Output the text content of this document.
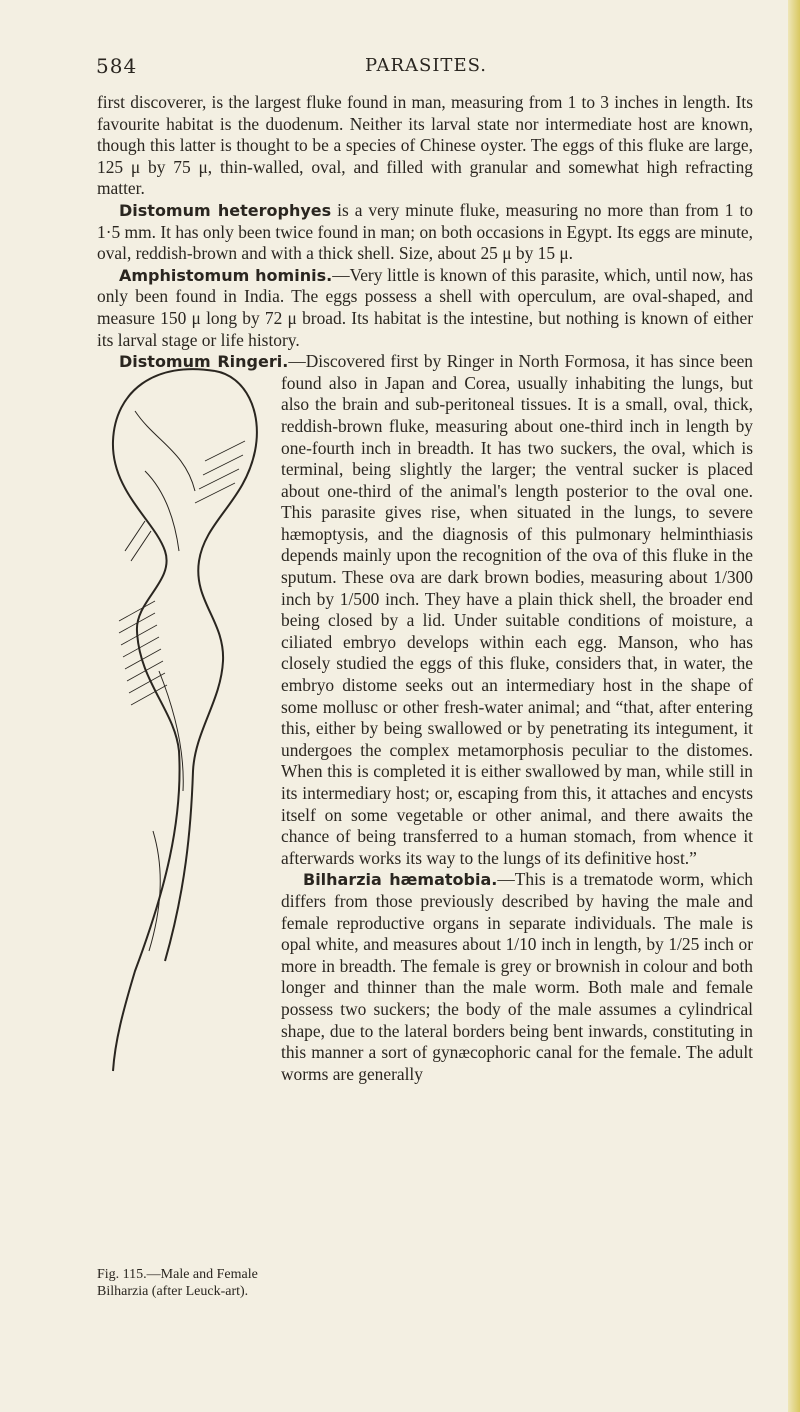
584	PARASITES.

first discoverer, is the largest fluke found in man, measuring from 1 to 3 inches in length. Its favourite habitat is the duodenum. Neither its larval state nor intermediate host are known, though this latter is thought to be a species of Chinese oyster. The eggs of this fluke are large, 125 μ by 75 μ, thin-walled, oval, and filled with granular and somewhat high refracting matter.

Distomum heterophyes is a very minute fluke, measuring no more than from 1 to 1·5 mm. It has only been twice found in man; on both occasions in Egypt. Its eggs are minute, oval, reddish-brown and with a thick shell. Size, about 25 μ by 15 μ.

Amphistomum hominis.—Very little is known of this parasite, which, until now, has only been found in India. The eggs possess a shell with operculum, are oval-shaped, and measure 150 μ long by 72 μ broad. Its habitat is the intestine, but nothing is known of either its larval stage or life history.

Distomum Ringeri.
—Discovered first by Ringer in North Formosa, it has since been found also in Japan and Corea, usually inhabiting the lungs, but also the brain and sub-peritoneal tissues. It is a small, oval, thick, reddish-brown fluke, measuring about one-third inch in length by one-fourth inch in breadth. It has two suckers, the oval, which is terminal, being slightly the larger; the ventral sucker is placed about one-third of the animal's length posterior to the oval one. This parasite gives rise, when situated in the lungs, to severe hæmoptysis, and the diagnosis of this pulmonary helminthiasis depends mainly upon the recognition of the ova of this fluke in the sputum. These ova are dark brown bodies, measuring about 1/300 inch by 1/500 inch. They have a plain thick shell, the broader end being closed by a lid. Under suitable conditions of moisture, a ciliated embryo develops within each egg. Manson, who has closely studied the eggs of this fluke, considers that, in water, the embryo distome seeks out an intermediary host in the shape of some mollusc or other fresh-water animal; and “that, after entering this, either by being swallowed or by penetrating its integument, it undergoes the complex metamorphosis peculiar to the distomes. When this is completed it is either swallowed by man, while still in its intermediary host; or, escaping from this, it attaches and encysts itself on some vegetable or other animal, and there awaits the chance of being transferred to a human stomach, from whence it afterwards works its way to the lungs of its definitive host.”

Bilharzia hæmatobia.—This is a trematode worm, which differs from those previously described by having the male and female reproductive organs in separate individuals. The male is opal white, and measures about 1/10 inch in length, by 1/25 inch or more in breadth. The female is grey or brownish in colour and both longer and thinner than the male worm. Both male and female possess two suckers; the body of the male assumes a cylindrical shape, due to the lateral borders being bent inwards, constituting in this manner a sort of gynæcophoric canal for the female. The adult worms are generally

Fig. 115.—Male and Female Bilharzia (after Leuck-art).
